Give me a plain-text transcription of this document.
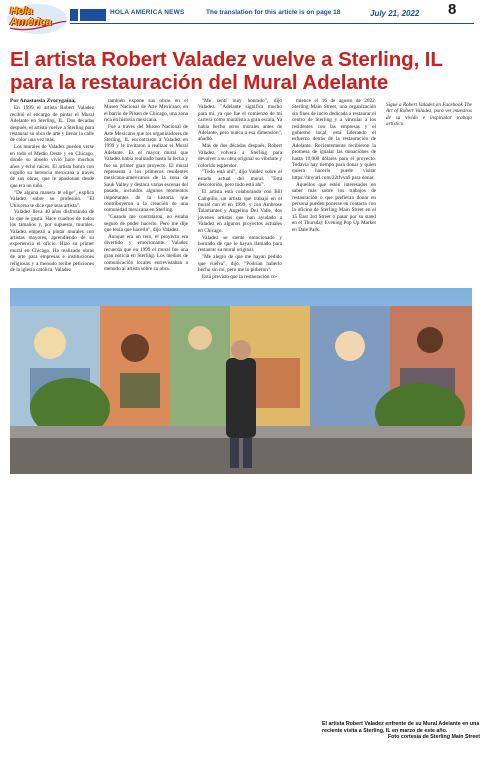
Hola
América
HOLA AMERICA NEWS	The translation for this article is on page 18	July 21, 2022 8
El artista Robert Valadez vuelve a Sterling, IL para la restauración del Mural Adelante

Por Anastassia Zvorygaina,

En 1999 el artista Robert Valadez recibió el encargo de pintar el Mural Adelante en Sterling, IL. Dos décadas después, el artista vuelve a Sterling para restaurar su obra de arte y llenar la calle de color una vez más.

Los murales de Valadez pueden verse en todo el Medio Oeste y en Chicago, donde su abuelo vivió hace muchos años y echó raíces. El artista honra con orgullo su herencia mexicana a través de sus obras, que le apasionan desde que era un niño.

"De alguna manera te elige", explica Valadez sobre su profesión. "El Universo te dice que seas artista".

Valadez lleva 40 años disfrutando de lo que le gusta. Hace cuadros de todos los tamaños y, por supuesto, murales. Valadez empezó a pintar murales con artistas mayores, aprendiendo de su experiencia el oficio. Hizo su primer mural en Chicago. Ha realizado obras de arte para empresas e instituciones religiosas y a menudo recibe peticiones de la iglesia católica. Valadez

también expone sus obras en el Museo Nacional de Arte Mexicano, en el barrio de Pilsen de Chicago, una zona rica en historia mexicana.

Fue a través del Museo Nacional de Arte Mexicano que los organizadores de Sterling, IL encontraron a Valadez en 1999 y le invitaron a realizar el Mural Adelante. Es el mayor mural que Valadez había realizado hasta la fecha y fue su primer gran proyecto. El mural representa a los primeros residentes mexicano-americanos de la zona de Sauk Valley y destaca varias escenas del pasado, incluidos algunos momentos importantes de la historia que contribuyeron a la creación de una comunidad mexicana en Sterling.

"Cuando me contrataron, no estaba seguro de poder hacerlo. Pero me dije que tenía que hacerlo", dijo Valadez.

Aunque era un reto, el proyecto era divertido y emocionante. Valadez recuerda que en 1999 el mural fue una gran noticia en Sterling. Los medios de comunicación locales entrevistaban a menudo al artista sobre su obra.

"Me sentí muy honrado", dijo Valadez. "Adelante significa mucho para mí, ya que fue el comienzo de mi carrera como muralista a gran escala. Ya había hecho otros murales antes de Adelante, pero nunca a esa dimensión", añadió.

Más de dos décadas después, Robert Valadez volverá a Sterling para devolver a su obra original su vibrante y colorido esplendor.

"Todo está ahí", dijo Valdez sobre el estado actual del mural. "Está descolorido, pero todo está ahí".

El artista está colaborando con Bill Campillo, un artista que trabajó en el mural con él en 1999, y con Ambrose Talamantes y Angelina Del Valle, dos jóvenes artistas que han ayudado a Valadez en algunos proyectos actuales en Chicago.

Valadez se siente emocionado y honrado de que le hayan llamado para restaurar su mural original.

"Me alegro de que me hayan pedido que vuelva", dijo. "Podrían haberlo hecho sin mí, pero me lo pidieron".

Está previsto que la restauración co-

mience el 16 de agosto de 2022. Sterling Main Street, una organización sin fines de lucro dedicada a restaurar el centro de Sterling y a vincular a los residentes con las empresas y el gobierno local, está liderando el esfuerzo detrás de la restauración de Adelante. Recientemente recibieron la promesa de igualar las donaciones de hasta 10,000 dólares para el proyecto. Todavía hay tiempo para donar y quien quiera hacerlo puede visitar https://tinyurl.com/22tfvva9 para donar.

Aquellos que estén interesados en saber más sobre los trabajos de restauración o que prefieran donar en persona pueden ponerse en contacto con la oficina de Sterling Main Street en el 15 East 3rd Street o pasar por su stand en el Thursday Evening Pop Up Market en Dale Park.

Sigue a Robert Valadez en Facebook The Art of Robert Valadez, para ver muestras de su vívido e inspirador trabajo artístico.

El artista Robert Valadez enfrente de su Mural Adelante en una reciente visita a Sterling, IL en marzo de este año.
Foto cortesía de Sterling Main Street
